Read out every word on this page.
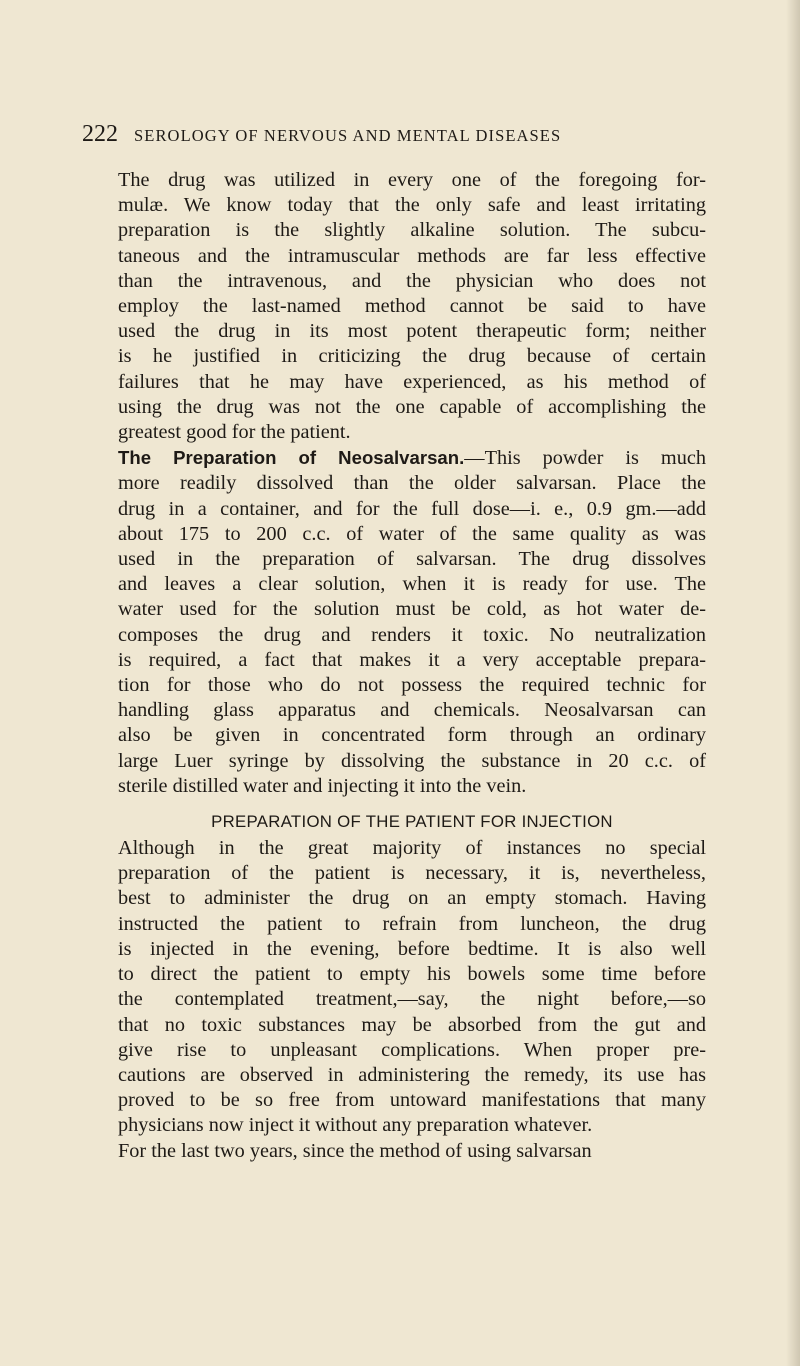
222 SEROLOGY OF NERVOUS AND MENTAL DISEASES

The drug was utilized in every one of the foregoing for-
mulæ. We know today that the only safe and least irritating
preparation is the slightly alkaline solution. The subcu-
taneous and the intramuscular methods are far less effective
than the intravenous, and the physician who does not
employ the last-named method cannot be said to have
used the drug in its most potent therapeutic form; neither
is he justified in criticizing the drug because of certain
failures that he may have experienced, as his method of
using the drug was not the one capable of accomplishing the
greatest good for the patient.

The Preparation of Neosalvarsan.—This powder is much
more readily dissolved than the older salvarsan. Place the
drug in a container, and for the full dose—i. e., 0.9 gm.—add
about 175 to 200 c.c. of water of the same quality as was
used in the preparation of salvarsan. The drug dissolves
and leaves a clear solution, when it is ready for use. The
water used for the solution must be cold, as hot water de-
composes the drug and renders it toxic. No neutralization
is required, a fact that makes it a very acceptable prepara-
tion for those who do not possess the required technic for
handling glass apparatus and chemicals. Neosalvarsan can
also be given in concentrated form through an ordinary
large Luer syringe by dissolving the substance in 20 c.c. of
sterile distilled water and injecting it into the vein.

PREPARATION OF THE PATIENT FOR INJECTION

Although in the great majority of instances no special
preparation of the patient is necessary, it is, nevertheless,
best to administer the drug on an empty stomach. Having
instructed the patient to refrain from luncheon, the drug
is injected in the evening, before bedtime. It is also well
to direct the patient to empty his bowels some time before
the contemplated treatment,—say, the night before,—so
that no toxic substances may be absorbed from the gut and
give rise to unpleasant complications. When proper pre-
cautions are observed in administering the remedy, its use has
proved to be so free from untoward manifestations that many
physicians now inject it without any preparation whatever.

For the last two years, since the method of using salvarsan
